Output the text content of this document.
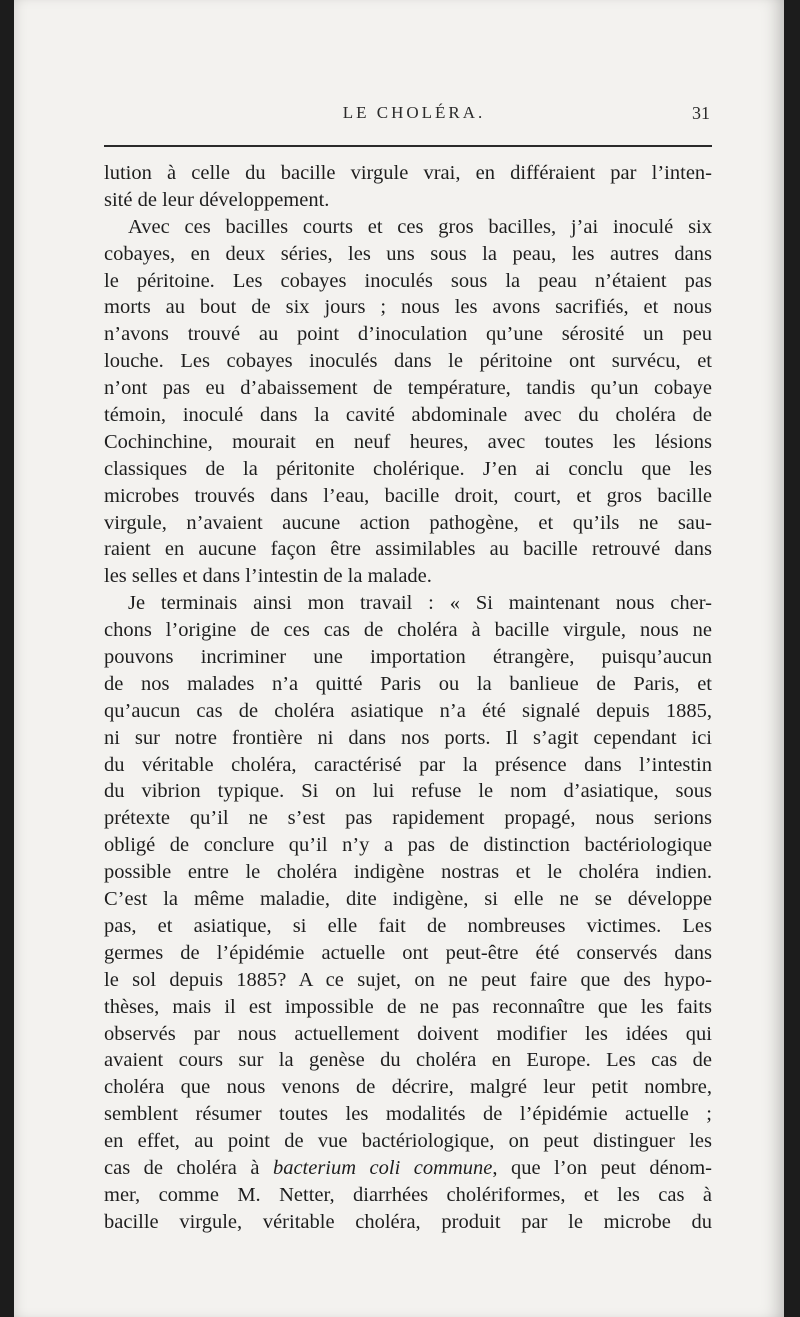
LE CHOLÉRA.	31
lution à celle du bacille virgule vrai, en différaient par l’inten-
sité de leur développement.
Avec ces bacilles courts et ces gros bacilles, j’ai inoculé six
cobayes, en deux séries, les uns sous la peau, les autres dans
le péritoine. Les cobayes inoculés sous la peau n’étaient pas
morts au bout de six jours ; nous les avons sacrifiés, et nous
n’avons trouvé au point d’inoculation qu’une sérosité un peu
louche. Les cobayes inoculés dans le péritoine ont survécu, et
n’ont pas eu d’abaissement de température, tandis qu’un cobaye
témoin, inoculé dans la cavité abdominale avec du choléra de
Cochinchine, mourait en neuf heures, avec toutes les lésions
classiques de la péritonite cholérique. J’en ai conclu que les
microbes trouvés dans l’eau, bacille droit, court, et gros bacille
virgule, n’avaient aucune action pathogène, et qu’ils ne sau-
raient en aucune façon être assimilables au bacille retrouvé dans
les selles et dans l’intestin de la malade.
Je terminais ainsi mon travail : « Si maintenant nous cher-
chons l’origine de ces cas de choléra à bacille virgule, nous ne
pouvons incriminer une importation étrangère, puisqu’aucun
de nos malades n’a quitté Paris ou la banlieue de Paris, et
qu’aucun cas de choléra asiatique n’a été signalé depuis 1885,
ni sur notre frontière ni dans nos ports. Il s’agit cependant ici
du véritable choléra, caractérisé par la présence dans l’intestin
du vibrion typique. Si on lui refuse le nom d’asiatique, sous
prétexte qu’il ne s’est pas rapidement propagé, nous serions
obligé de conclure qu’il n’y a pas de distinction bactériologique
possible entre le choléra indigène nostras et le choléra indien.
C’est la même maladie, dite indigène, si elle ne se développe
pas, et asiatique, si elle fait de nombreuses victimes. Les
germes de l’épidémie actuelle ont peut-être été conservés dans
le sol depuis 1885? A ce sujet, on ne peut faire que des hypo-
thèses, mais il est impossible de ne pas reconnaître que les faits
observés par nous actuellement doivent modifier les idées qui
avaient cours sur la genèse du choléra en Europe. Les cas de
choléra que nous venons de décrire, malgré leur petit nombre,
semblent résumer toutes les modalités de l’épidémie actuelle ;
en effet, au point de vue bactériologique, on peut distinguer les
cas de choléra à bacterium coli commune, que l’on peut dénom-
mer, comme M. Netter, diarrhées cholériformes, et les cas à
bacille virgule, véritable choléra, produit par le microbe du
